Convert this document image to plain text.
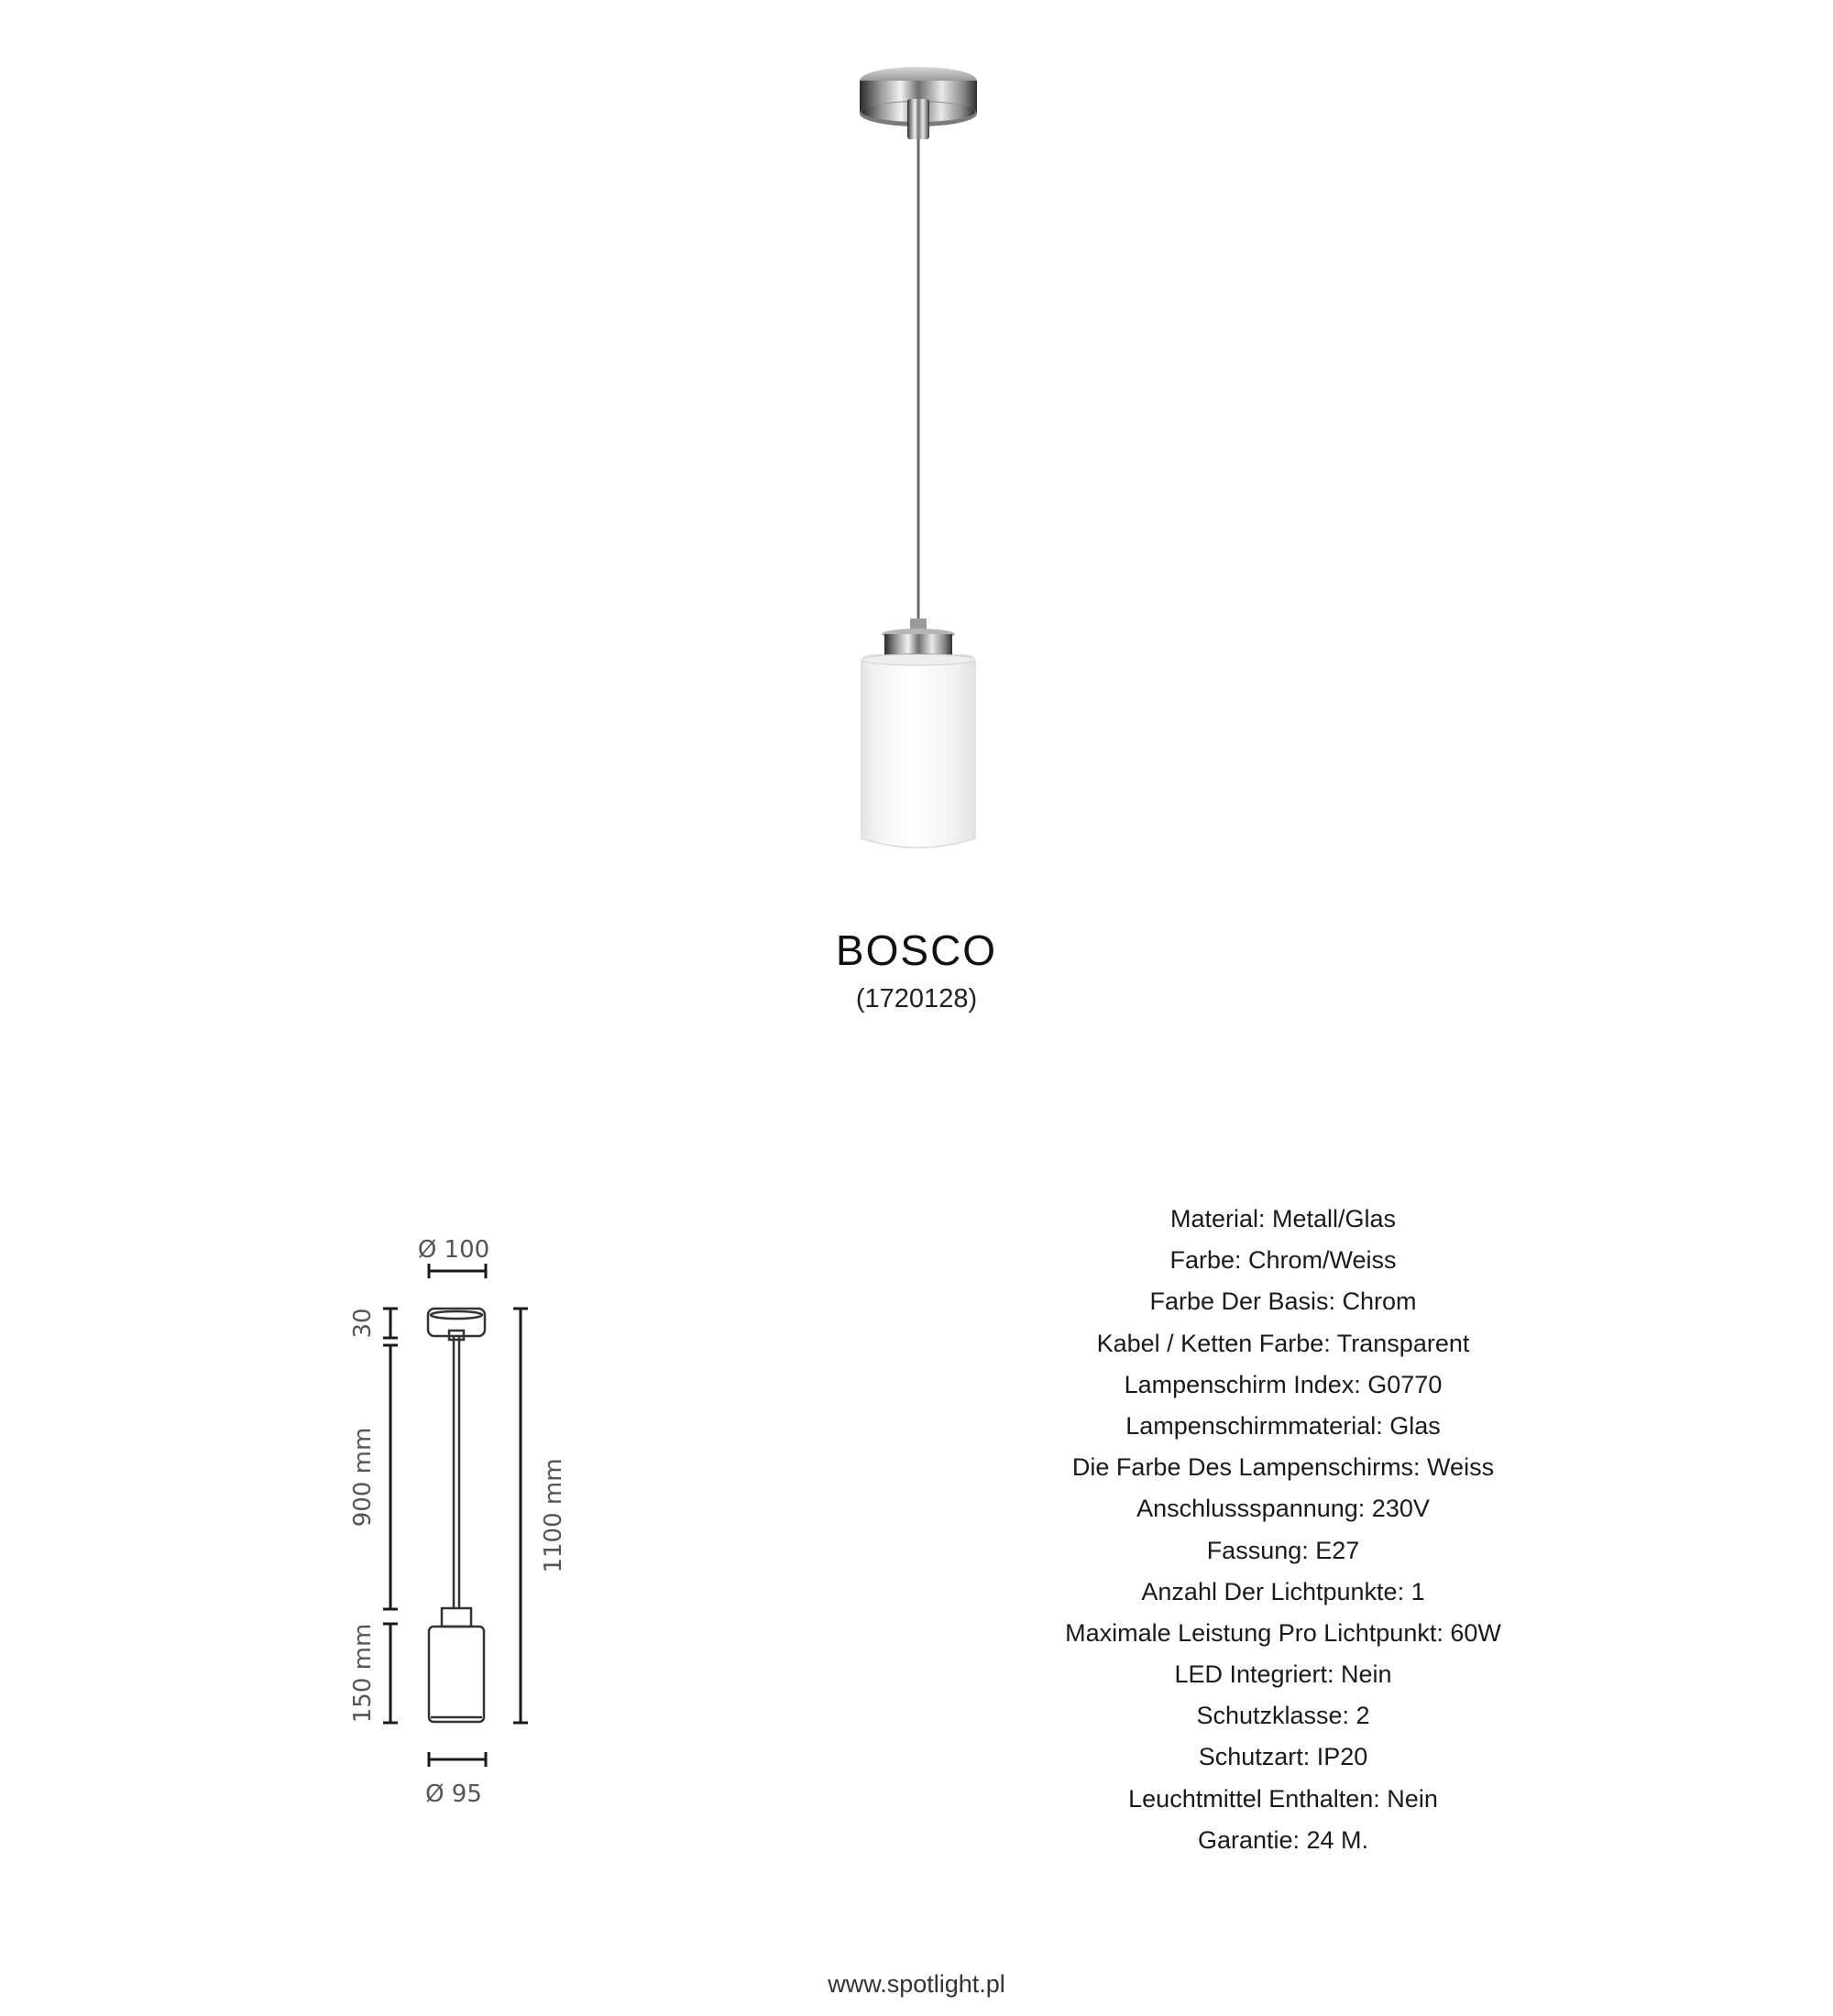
BOSCO
(1720128)
Ø 100
30
900 mm
150 mm
1100 mm
Ø 95
Material: Metall/Glas
Farbe: Chrom/Weiss
Farbe Der Basis: Chrom
Kabel / Ketten Farbe: Transparent
Lampenschirm Index: G0770
Lampenschirmmaterial: Glas
Die Farbe Des Lampenschirms: Weiss
Anschlussspannung: 230V
Fassung: E27
Anzahl Der Lichtpunkte: 1
Maximale Leistung Pro Lichtpunkt: 60W
LED Integriert: Nein
Schutzklasse: 2
Schutzart: IP20
Leuchtmittel Enthalten: Nein
Garantie: 24 M.
www.spotlight.pl
